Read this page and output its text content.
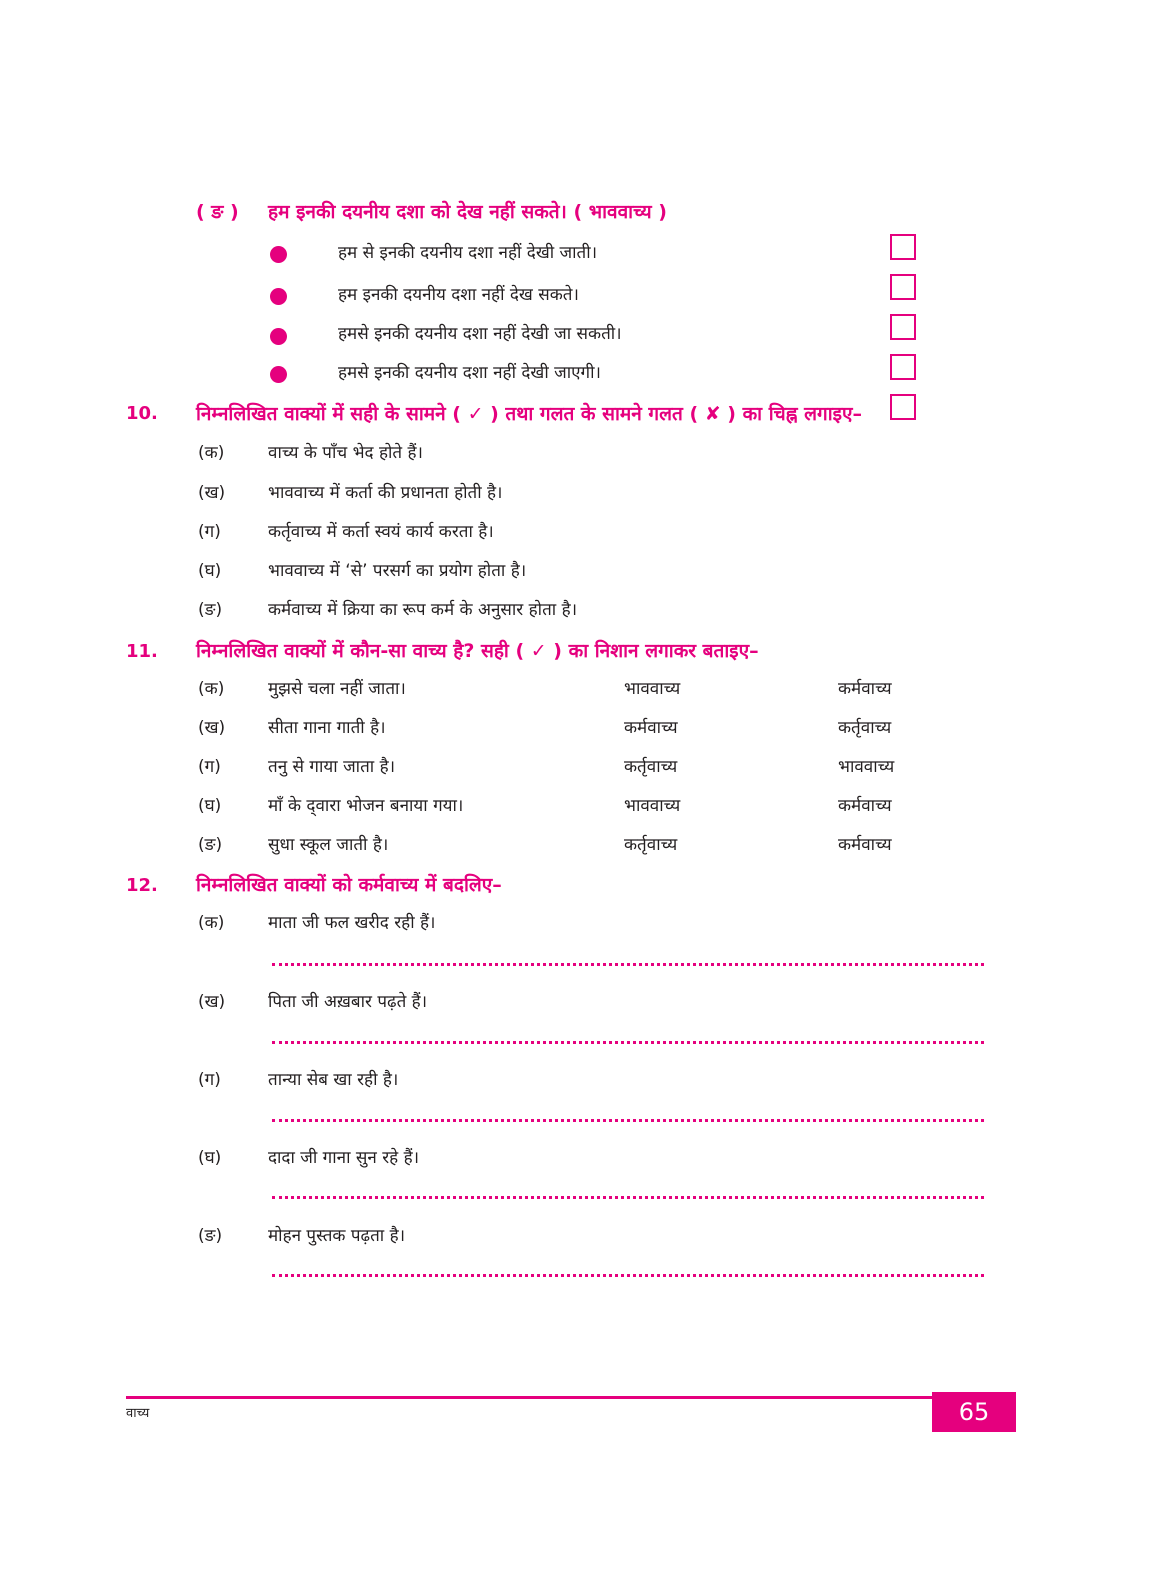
( ङ ) हम इनकी दयनीय दशा को देख नहीं सकते। ( भाववाच्य )
हम से इनकी दयनीय दशा नहीं देखी जाती।
हम इनकी दयनीय दशा नहीं देख सकते।
हमसे इनकी दयनीय दशा नहीं देखी जा सकती।
हमसे इनकी दयनीय दशा नहीं देखी जाएगी।
10. निम्नलिखित वाक्यों में सही के सामने ( ✓ ) तथा गलत के सामने गलत ( ✘ ) का चिह्न लगाइए–
(क)	वाच्य के पाँच भेद होते हैं।
(ख)	भाववाच्य में कर्ता की प्रधानता होती है।
(ग)	कर्तृवाच्य में कर्ता स्वयं कार्य करता है।
(घ)	भाववाच्य में ‘से’ परसर्ग का प्रयोग होता है।
(ङ)	कर्मवाच्य में क्रिया का रूप कर्म के अनुसार होता है।
11. निम्नलिखित वाक्यों में कौन-सा वाच्य है? सही ( ✓ ) का निशान लगाकर बताइए–
(क)	मुझसे चला नहीं जाता।	भाववाच्य	कर्मवाच्य
(ख)	सीता गाना गाती है।	कर्मवाच्य	कर्तृवाच्य
(ग)	तनु से गाया जाता है।	कर्तृवाच्य	भाववाच्य
(घ)	माँ के द्‌वारा भोजन बनाया गया।	भाववाच्य	कर्मवाच्य
(ङ)	सुधा स्कूल जाती है।	कर्तृवाच्य	कर्मवाच्य
12. निम्नलिखित वाक्यों को कर्मवाच्य में बदलिए–
(क)	माता जी फल खरीद रही हैं।
(ख)	पिता जी अख़बार पढ़ते हैं।
(ग)	तान्या सेब खा रही है।
(घ)	दादा जी गाना सुन रहे हैं।
(ङ)	मोहन पुस्तक पढ़ता है।
वाच्य	65
